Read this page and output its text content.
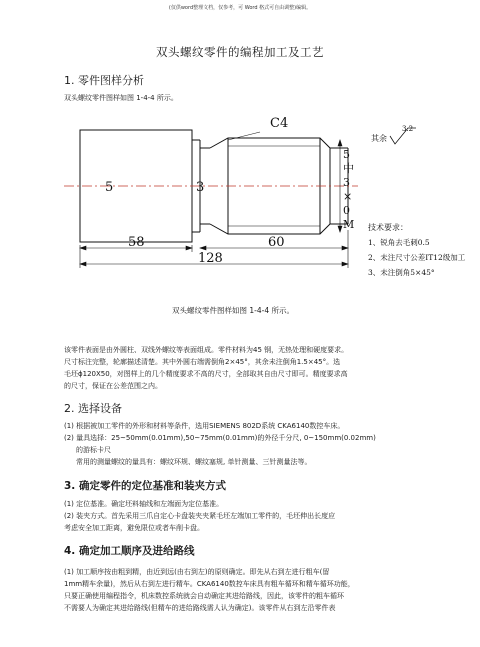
(仅供word整理文档，仅参考，可 Word 格式可自由调整)编辑。
双头螺纹零件的编程加工及工艺
1. 零件图样分析
双头螺纹零件图样如图 1-4-4 所示。
C4
5	3
58	60
128
5
中
3
×
0
M
其余
3.2
技术要求：
1、锐角去毛刺0.5
2、未注尺寸公差IT12级加工
3、未注倒角5×45°
双头螺纹零件图样如图 1-4-4 所示。
该零件表面是由外圆柱、双线外螺纹等表面组成。零件材料为45 钢，无热处理和硬度要求。
尺寸标注完整，轮廓描述清楚。其中外圆右端需倒角2×45°，其余未注倒角1.5×45°。选
毛坯ɸ120X50，对图样上的几个精度要求不高的尺寸，全部取其自由尺寸即可。精度要求高
的尺寸，保证在公差范围之内。
2. 选择设备
(1) 根据被加工零件的外形和材料等条件，选用SIEMENS 802D系统 CKA6140数控车床。
(2) 量具选择：25~50mm(0.01mm),50~75mm(0.01mm)的外径千分尺, 0~150mm(0.02mm)
的游标卡尺
常用的测量螺纹的量具有：螺纹环规、螺纹塞规, 单针测量、三针测量法等。
3. 确定零件的定位基准和装夹方式
(1) 定位基准。确定坯料轴线和左端面为定位基准。
(2) 装夹方式。首先采用三爪自定心卡盘装夹夹紧毛坯左端加工零件的，毛坯伸出长度应
考虑安全加工距离，避免限位或者车削卡盘。
4. 确定加工顺序及进给路线
(1) 加工顺序按由粗到精，由近到远(由右到左)的原则确定。即先从右到左进行粗车(留
1mm精车余量)，然后从右到左进行精车。CKA6140数控车床具有粗车循环和精车循环功能，
只要正确使用编程指令，机床数控系统就会自动确定其进给路线，因此，该零件的粗车循环
不需要人为确定其进给路线(但精车的进给路线需人认为确定)。该零件从右到左沿零件表
